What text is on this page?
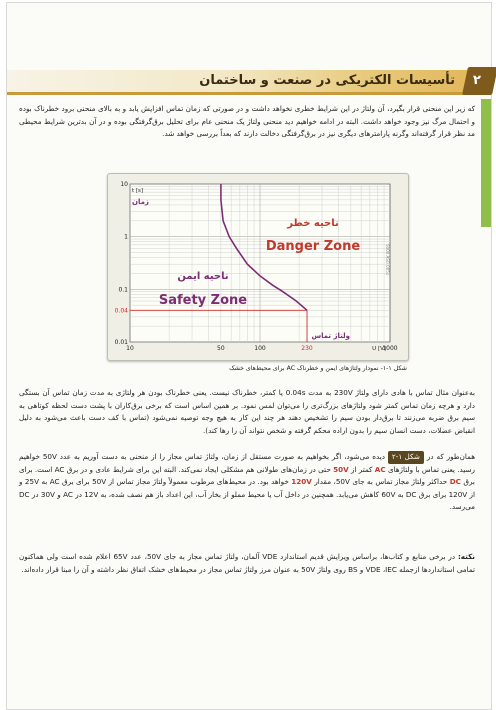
۲
تأسیسات الکتریکی در صنعت و ساختمان
که زیر این منحنی قرار بگیرد، آن ولتاژ در این شرایط خطری نخواهد داشت و در صورتی که زمان تماس افزایش یابد و به بالای منحنی برود خطرناک بوده و احتمال مرگ نیز وجود خواهد داشت. البته در ادامه خواهیم دید منحنی ولتاژ یک منحنی عام برای تحلیل برق‌گرفتگی بوده و در آن بدترین شرایط محیطی مد نظر قرار گرفته‌اند وگرنه پارامترهای دیگری نیز در برق‌گرفتگی دخالت دارند که بعداً بررسی خواهد شد.
10	50	100	230	1000
10
1
0.1
0.04
0.01
t [s]
زمان
U [V]
ولتاژ تماس
ناحیه خطر
Danger Zone
ناحیه ایمن
Safety Zone
5000 ASO 0051
شکل ۱-۱- نمودار ولتاژهای ایمن و خطرناک AC برای محیط‌های خشک
به‌عنوان مثال تماس با هادی دارای ولتاژ 230V به مدت 0.04s یا کمتر، خطرناک نیست. یعنی خطرناک بودن هر ولتاژی به مدت زمان تماس آن بستگی دارد و هرچه زمان تماس کمتر شود ولتاژهای بزرگ‌تری را می‌توان لمس نمود. بر همین اساس است که برخی برق‌کاران با پشت دست لحظه کوتاهی به سیم برق ضربه می‌زنند تا برق‌دار بودن سیم را تشخیص دهند هر چند این کار به هیچ وجه توصیه نمی‌شود (تماس با کف دست باعث می‌شود به دلیل انقباض عضلات، دست انسان سیم را بدون اراده محکم گرفته و شخص نتواند آن را رها کند).
همان‌طور که در شکل ۱-۲ دیده می‌شود، اگر بخواهیم به صورت مستقل از زمان، ولتاژ تماس مجاز را از منحنی به دست آوریم به عدد 50V خواهیم رسید. یعنی تماس با ولتاژهای AC کمتر از 50V حتی در زمان‌های طولانی هم مشکلی ایجاد نمی‌کند. البته این برای شرایط عادی و در برق AC است. برای برق DC حداکثر ولتاژ مجاز تماس به جای 50V، مقدار 120V خواهد بود. در محیط‌های مرطوب معمولاً ولتاژ مجاز تماس از 50V برای برق AC به 25V و از 120V برای برق DC به 60V کاهش می‌یابد. همچنین در داخل آب یا محیط مملو از بخار آب، این اعداد باز هم نصف شده، به 12V در AC و 30V در DC می‌رسد.
نکته: در برخی منابع و کتاب‌ها، براساس ویرایش قدیم استاندارد VDE آلمان، ولتاژ تماس مجاز به جای 50V، عدد 65V اعلام شده است ولی هماکنون تمامی استانداردها ازجمله VDE ،IEC و BS روی ولتاژ 50V به عنوان مرز ولتاژ تماس مجاز در محیط‌های خشک اتفاق نظر داشته و آن را مبنا قرار داده‌اند.
